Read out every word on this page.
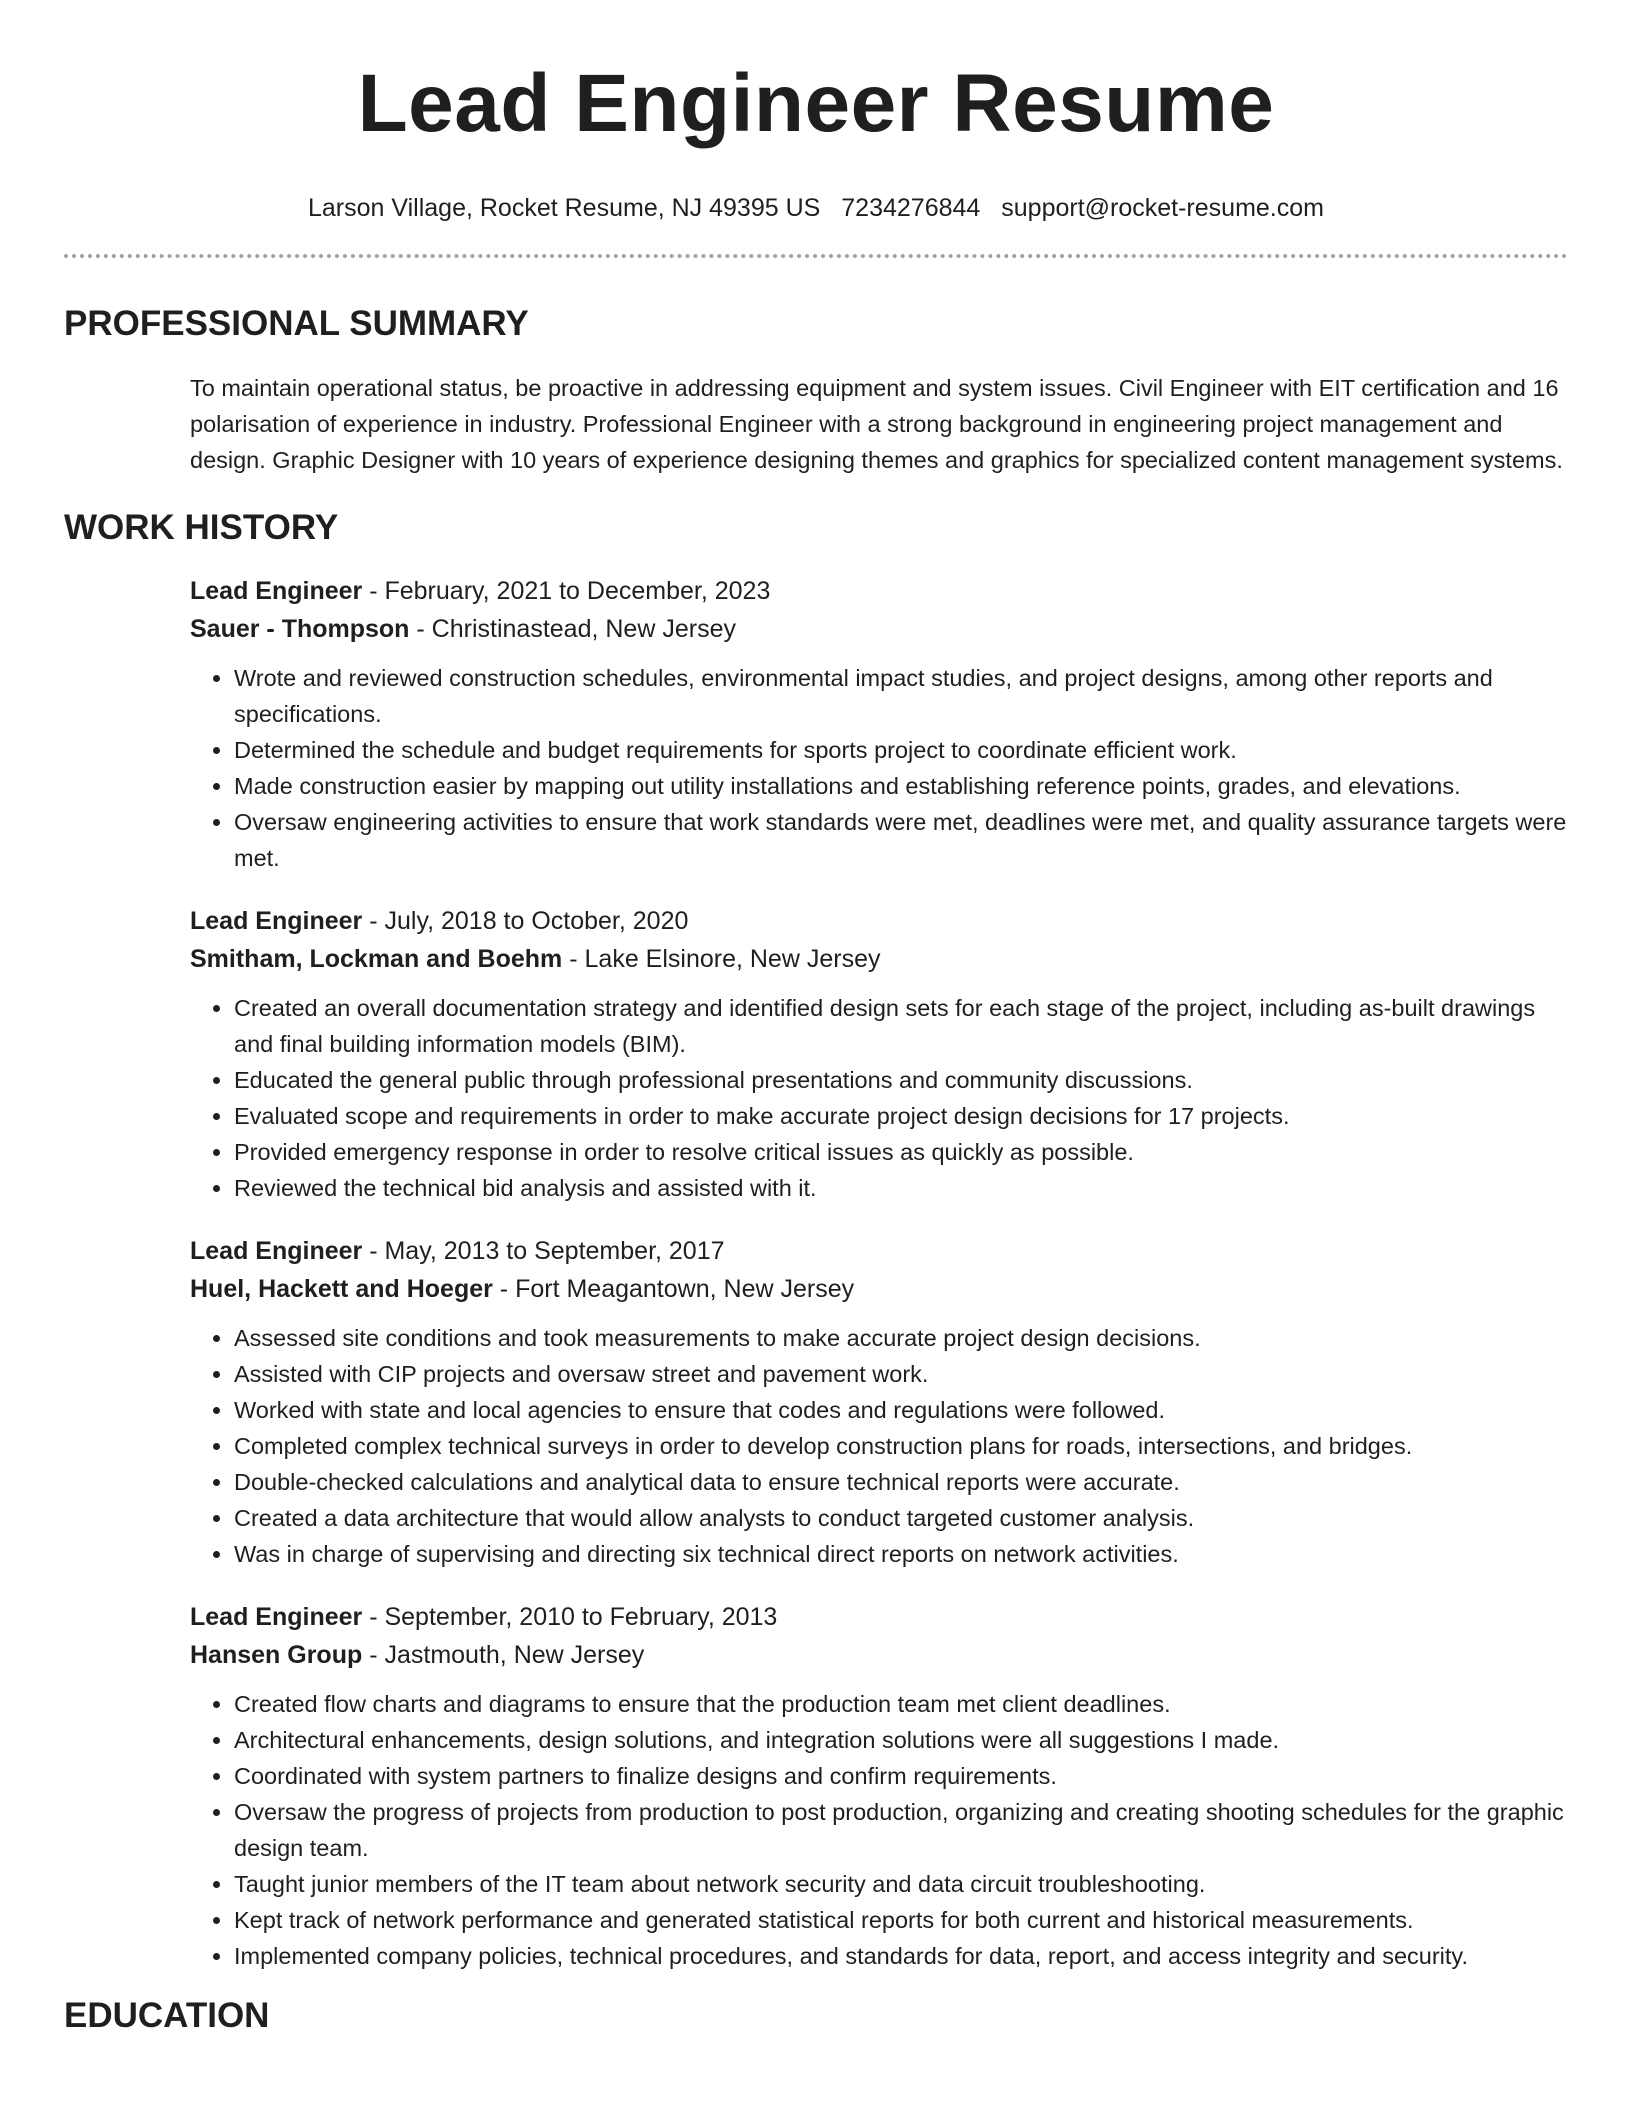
Lead Engineer Resume
Larson Village, Rocket Resume, NJ 49395 US 7234276844 support@rocket-resume.com
PROFESSIONAL SUMMARY

To maintain operational status, be proactive in addressing equipment and system issues. Civil Engineer with EIT certification and 16 polarisation of experience in industry. Professional Engineer with a strong background in engineering project management and design. Graphic Designer with 10 years of experience designing themes and graphics for specialized content management systems.

WORK HISTORY
Lead Engineer - February, 2021 to December, 2023
Sauer - Thompson - Christinastead, New Jersey
• Wrote and reviewed construction schedules, environmental impact studies, and project designs, among other reports and specifications.
• Determined the schedule and budget requirements for sports project to coordinate efficient work.
• Made construction easier by mapping out utility installations and establishing reference points, grades, and elevations.
• Oversaw engineering activities to ensure that work standards were met, deadlines were met, and quality assurance targets were met.
Lead Engineer - July, 2018 to October, 2020
Smitham, Lockman and Boehm - Lake Elsinore, New Jersey
• Created an overall documentation strategy and identified design sets for each stage of the project, including as-built drawings and final building information models (BIM).
• Educated the general public through professional presentations and community discussions.
• Evaluated scope and requirements in order to make accurate project design decisions for 17 projects.
• Provided emergency response in order to resolve critical issues as quickly as possible.
• Reviewed the technical bid analysis and assisted with it.
Lead Engineer - May, 2013 to September, 2017
Huel, Hackett and Hoeger - Fort Meagantown, New Jersey
• Assessed site conditions and took measurements to make accurate project design decisions.
• Assisted with CIP projects and oversaw street and pavement work.
• Worked with state and local agencies to ensure that codes and regulations were followed.
• Completed complex technical surveys in order to develop construction plans for roads, intersections, and bridges.
• Double-checked calculations and analytical data to ensure technical reports were accurate.
• Created a data architecture that would allow analysts to conduct targeted customer analysis.
• Was in charge of supervising and directing six technical direct reports on network activities.
Lead Engineer - September, 2010 to February, 2013
Hansen Group - Jastmouth, New Jersey
• Created flow charts and diagrams to ensure that the production team met client deadlines.
• Architectural enhancements, design solutions, and integration solutions were all suggestions I made.
• Coordinated with system partners to finalize designs and confirm requirements.
• Oversaw the progress of projects from production to post production, organizing and creating shooting schedules for the graphic design team.
• Taught junior members of the IT team about network security and data circuit troubleshooting.
• Kept track of network performance and generated statistical reports for both current and historical measurements.
• Implemented company policies, technical procedures, and standards for data, report, and access integrity and security.
EDUCATION
